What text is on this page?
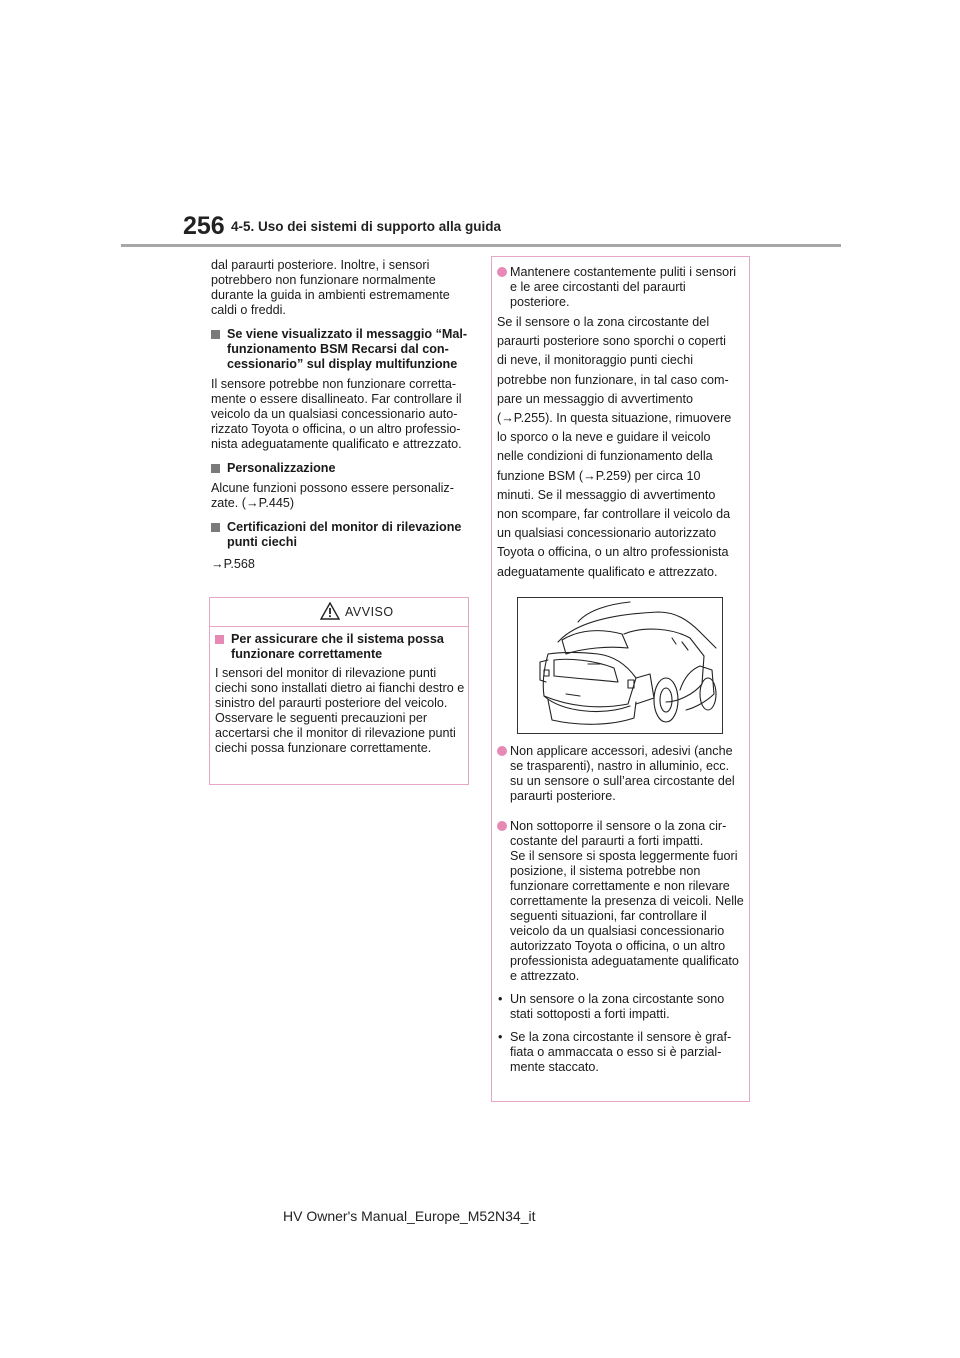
256 4-5. Uso dei sistemi di supporto alla guida

dal paraurti posteriore. Inoltre, i sensori potrebbero non funzionare normalmente durante la guida in ambienti estremamente caldi o freddi.

Se viene visualizzato il messaggio “Malfunzionamento BSM Recarsi dal concessionario” sul display multifunzione

Il sensore potrebbe non funzionare correttamente o essere disallineato. Far controllare il veicolo da un qualsiasi concessionario autorizzato Toyota o officina, o un altro professionista adeguatamente qualificato e attrezzato.

Personalizzazione

Alcune funzioni possono essere personalizzate. (→P.445)

Certificazioni del monitor di rilevazione punti ciechi

→P.568

AVVISO
Per assicurare che il sistema possa funzionare correttamente

I sensori del monitor di rilevazione punti ciechi sono installati dietro ai fianchi destro e sinistro del paraurti posteriore del veicolo. Osservare le seguenti precauzioni per accertarsi che il monitor di rilevazione punti ciechi possa funzionare correttamente.

Mantenere costantemente puliti i sensori e le aree circostanti del paraurti posteriore.

Se il sensore o la zona circostante del

paraurti posteriore sono sporchi o coperti

di neve, il monitoraggio punti ciechi

potrebbe non funzionare, in tal caso com-

pare un messaggio di avvertimento

(→P.255). In questa situazione, rimuovere

lo sporco o la neve e guidare il veicolo

nelle condizioni di funzionamento della

funzione BSM (→P.259) per circa 10

minuti. Se il messaggio di avvertimento

non scompare, far controllare il veicolo da

un qualsiasi concessionario autorizzato

Toyota o officina, o un altro professionista

adeguatamente qualificato e attrezzato.

Non applicare accessori, adesivi (anche se trasparenti), nastro in alluminio, ecc. su un sensore o sull’area circostante del paraurti posteriore.
Non sottoporre il sensore o la zona circostante del paraurti a forti impatti.

Se il sensore si sposta leggermente fuori posizione, il sistema potrebbe non funzionare correttamente e non rilevare correttamente la presenza di veicoli. Nelle seguenti situazioni, far controllare il veicolo da un qualsiasi concessionario autorizzato Toyota o officina, o un altro professionista adeguatamente qualificato e attrezzato.

• Un sensore o la zona circostante sono stati sottoposti a forti impatti.
• Se la zona circostante il sensore è graffiata o ammaccata o esso si è parzialmente staccato.
HV Owner's Manual_Europe_M52N34_it
